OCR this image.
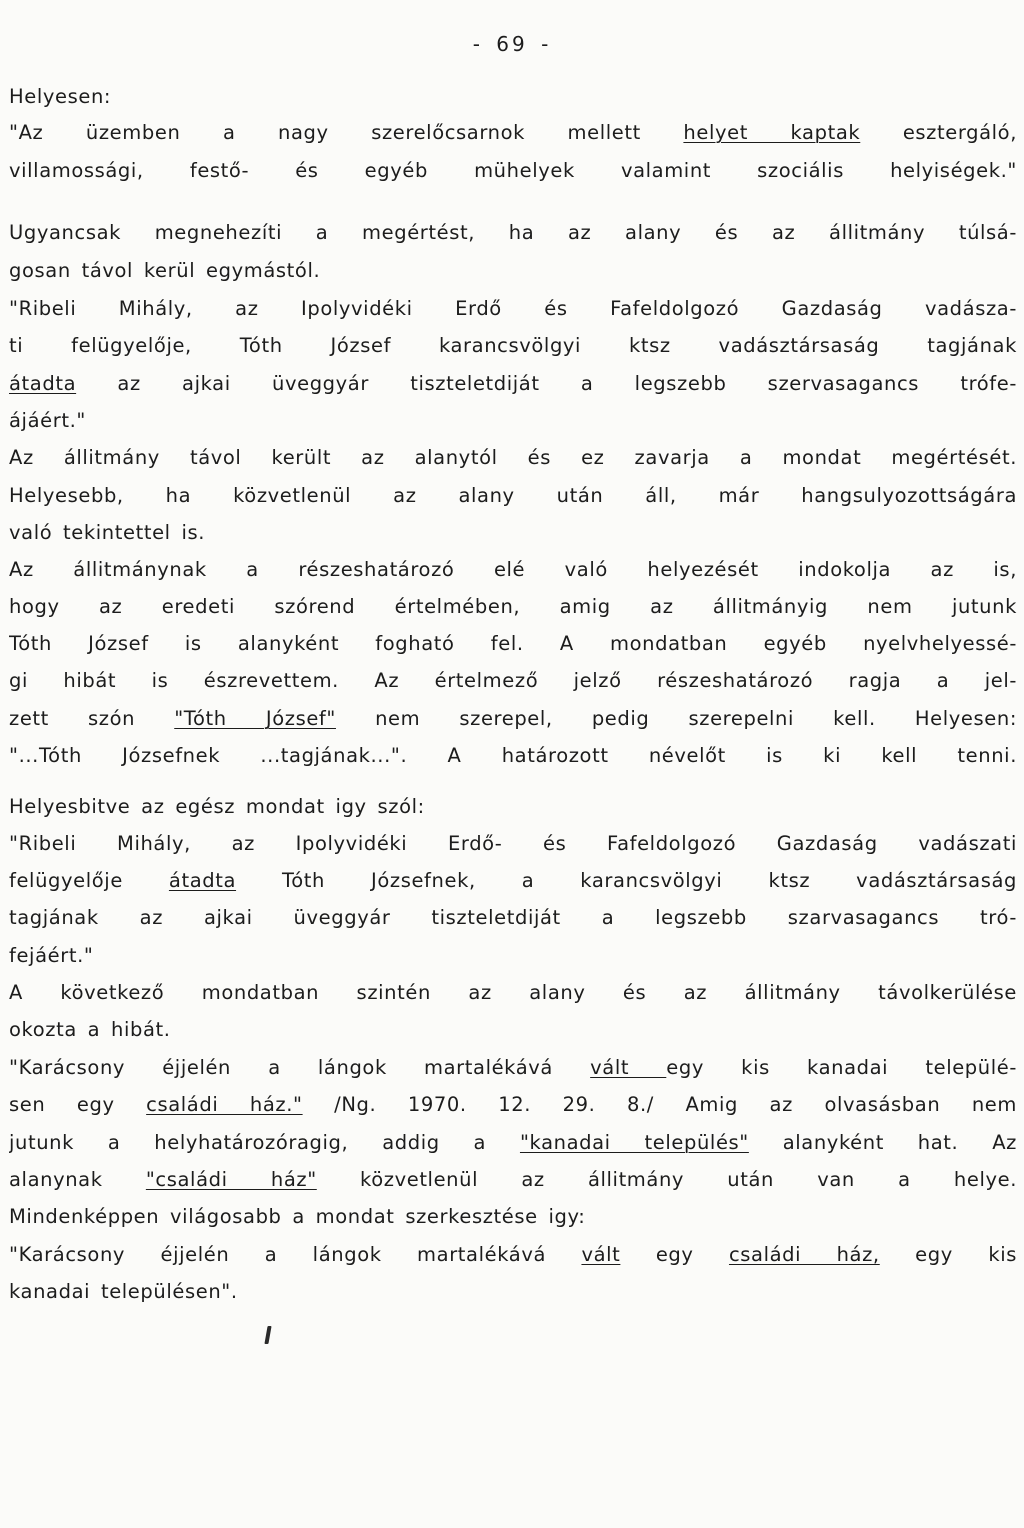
- 69 -
Helyesen:
"Az üzemben a nagy szerelőcsarnok mellett helyet kaptak esztergáló,
villamossági, festő- és egyéb mühelyek valamint szociális helyiségek."
Ugyancsak megnehezíti a megértést, ha az alany és az állitmány túlsá-
gosan távol kerül egymástól.
"Ribeli Mihály, az Ipolyvidéki Erdő és Fafeldolgozó Gazdaság vadásza-
ti felügyelője, Tóth József karancsvölgyi ktsz vadásztársaság tagjának
átadta az ajkai üveggyár tiszteletdiját a legszebb szervasagancs trófe-
ájáért."
Az állitmány távol került az alanytól és ez zavarja a mondat megértését.
Helyesebb, ha közvetlenül az alany után áll, már hangsulyozottságára
való tekintettel is.
Az állitmánynak a részeshatározó elé való helyezését indokolja az is,
hogy az eredeti szórend értelmében, amig az állitmányig nem jutunk
Tóth József is alanyként fogható fel. A mondatban egyéb nyelvhelyessé-
gi hibát is észrevettem. Az értelmező jelző részeshatározó ragja a jel-
zett szón "Tóth József" nem szerepel, pedig szerepelni kell. Helyesen:
"...Tóth Józsefnek ...tagjának...". A határozott névelőt is ki kell tenni.
Helyesbitve az egész mondat igy szól:
"Ribeli Mihály, az Ipolyvidéki Erdő- és Fafeldolgozó Gazdaság vadászati
felügyelője átadta Tóth Józsefnek, a karancsvölgyi ktsz vadásztársaság
tagjának az ajkai üveggyár tiszteletdiját a legszebb szarvasagancs tró-
fejáért."
A következő mondatban szintén az alany és az állitmány távolkerülése
okozta a hibát.
"Karácsony éjjelén a lángok martalékává vált egy kis kanadai települé-
sen egy családi ház." /Ng. 1970. 12. 29. 8./ Amig az olvasásban nem
jutunk a helyhatározóragig, addig a "kanadai település" alanyként hat. Az
alanynak "családi ház" közvetlenül az állitmány után van a helye.
Mindenképpen világosabb a mondat szerkesztése igy:
"Karácsony éjjelén a lángok martalékává vált egy családi ház, egy kis
kanadai településen".
